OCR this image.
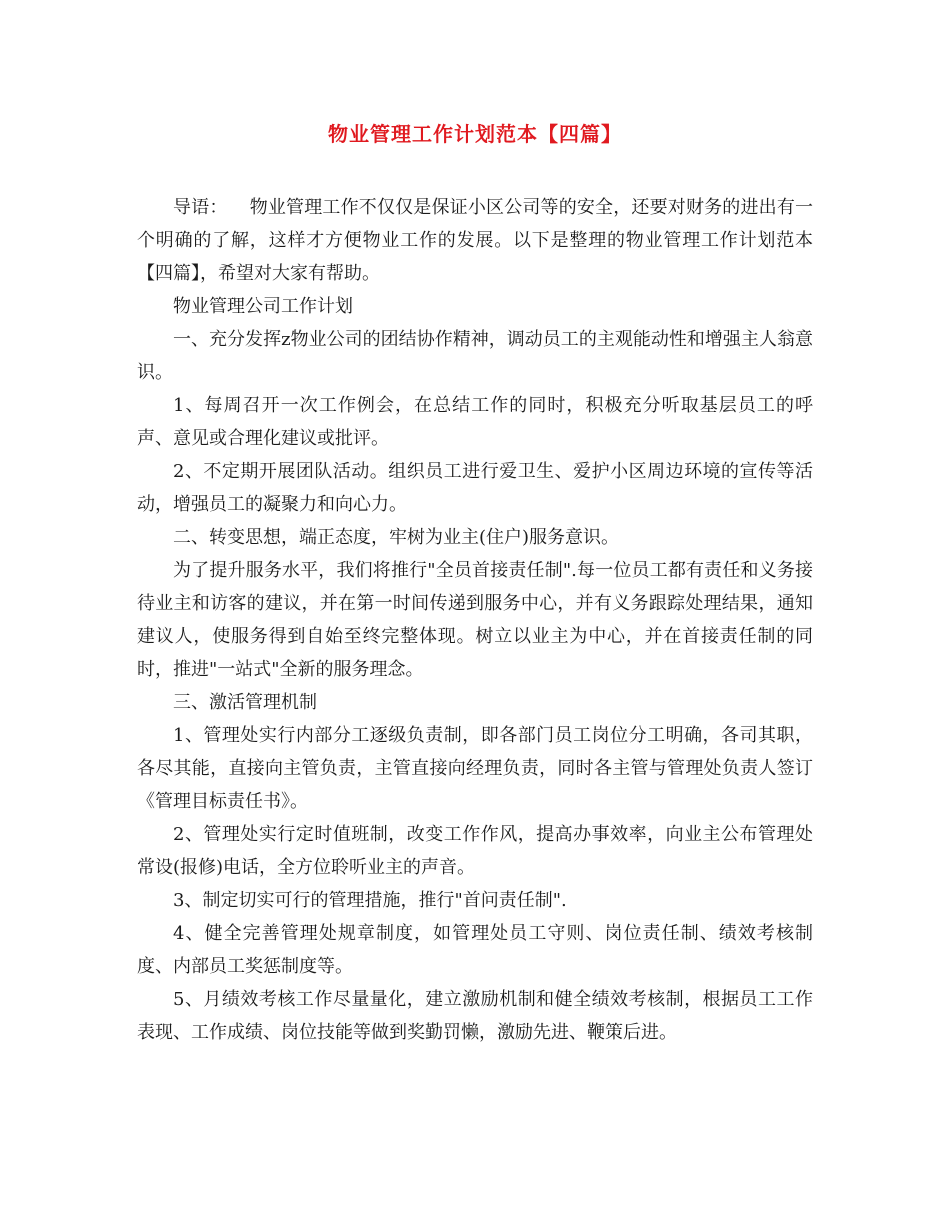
物业管理工作计划范本【四篇】

导语： 物业管理工作不仅仅是保证小区公司等的安全，还要对财务的进出有一个明确的了解，这样才方便物业工作的发展。以下是整理的物业管理工作计划范本【四篇】，希望对大家有帮助。

物业管理公司工作计划

一、充分发挥z物业公司的团结协作精神，调动员工的主观能动性和增强主人翁意识。

1、每周召开一次工作例会，在总结工作的同时，积极充分听取基层员工的呼声、意见或合理化建议或批评。

2、不定期开展团队活动。组织员工进行爱卫生、爱护小区周边环境的宣传等活动，增强员工的凝聚力和向心力。

二、转变思想，端正态度，牢树为业主(住户)服务意识。

为了提升服务水平，我们将推行"全员首接责任制".每一位员工都有责任和义务接待业主和访客的建议，并在第一时间传递到服务中心，并有义务跟踪处理结果，通知建议人，使服务得到自始至终完整体现。树立以业主为中心，并在首接责任制的同时，推进"一站式"全新的服务理念。

三、激活管理机制

1、管理处实行内部分工逐级负责制，即各部门员工岗位分工明确，各司其职，各尽其能，直接向主管负责，主管直接向经理负责，同时各主管与管理处负责人签订《管理目标责任书》。

2、管理处实行定时值班制，改变工作作风，提高办事效率，向业主公布管理处常设(报修)电话，全方位聆听业主的声音。

3、制定切实可行的管理措施，推行"首问责任制".

4、健全完善管理处规章制度，如管理处员工守则、岗位责任制、绩效考核制度、内部员工奖惩制度等。

5、月绩效考核工作尽量量化，建立激励机制和健全绩效考核制，根据员工工作表现、工作成绩、岗位技能等做到奖勤罚懒，激励先进、鞭策后进。
